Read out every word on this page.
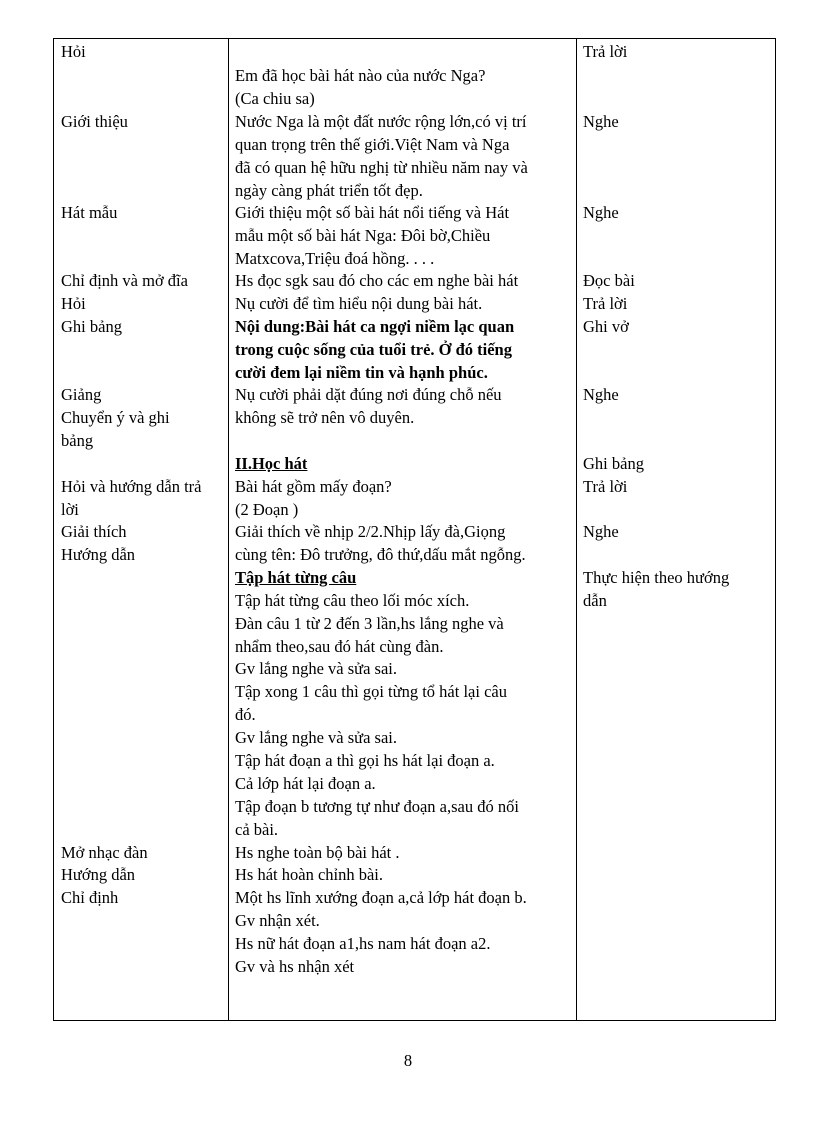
Hỏi
Giới thiệu
Hát mẫu
Chỉ định và mở đĩa
Hỏi
Ghi bảng
Giảng
Chuyển ý và ghi
bảng
Hỏi và hướng dẫn trả
lời
Giải thích
Hướng dẫn
Mở nhạc đàn
Hướng dẫn
Chỉ định
Em đã học bài hát nào của nước Nga?
(Ca chiu sa)
Nước Nga là một đất nước rộng lớn,có vị trí
quan trọng trên thế giới.Việt Nam và Nga
đã có quan hệ hữu nghị từ nhiều năm nay và
ngày càng phát triển tốt đẹp.
Giới thiệu một số bài hát nổi tiếng và Hát
mẫu một số bài hát Nga: Đôi bờ,Chiều
Matxcova,Triệu đoá hồng. . . .
Hs đọc sgk sau đó cho các em nghe bài hát
Nụ cười để tìm hiểu nội dung bài hát.
Nội dung:Bài hát ca ngợi niềm lạc quan
trong cuộc sống của tuổi trẻ. Ở đó tiếng
cười đem lại niềm tin và hạnh phúc.
Nụ cười phải dặt đúng nơi đúng chỗ nếu
không sẽ trở nên vô duyên.
II.Học hát
Bài hát gồm mấy đoạn?
(2 Đoạn )
Giải thích về nhịp 2/2.Nhịp lấy đà,Giọng
cùng tên: Đô trưởng, đô thứ,dấu mắt ngỗng.
Tập hát từng câu
Tập hát từng câu theo lối móc xích.
Đàn câu 1 từ 2 đến 3 lần,hs lắng nghe và
nhẩm theo,sau đó hát cùng đàn.
Gv lắng nghe và sửa sai.
Tập xong 1 câu thì gọi từng tổ hát lại câu
đó.
Gv lắng nghe và sửa sai.
Tập hát đoạn a thì gọi hs hát lại đoạn a.
Cả lớp hát lại đoạn a.
Tập đoạn b tương tự như đoạn a,sau đó nối
cả bài.
Hs nghe toàn bộ bài hát .
Hs hát hoàn chỉnh bài.
Một hs lĩnh xướng đoạn a,cả lớp hát đoạn b.
Gv nhận xét.
Hs nữ hát đoạn a1,hs nam hát đoạn a2.
Gv và hs nhận xét
Trả lời
Nghe
Nghe
Đọc bài
Trả lời
Ghi vở
Nghe
Ghi bảng
Trả lời
Nghe
Thực hiện theo hướng
dẫn
8
